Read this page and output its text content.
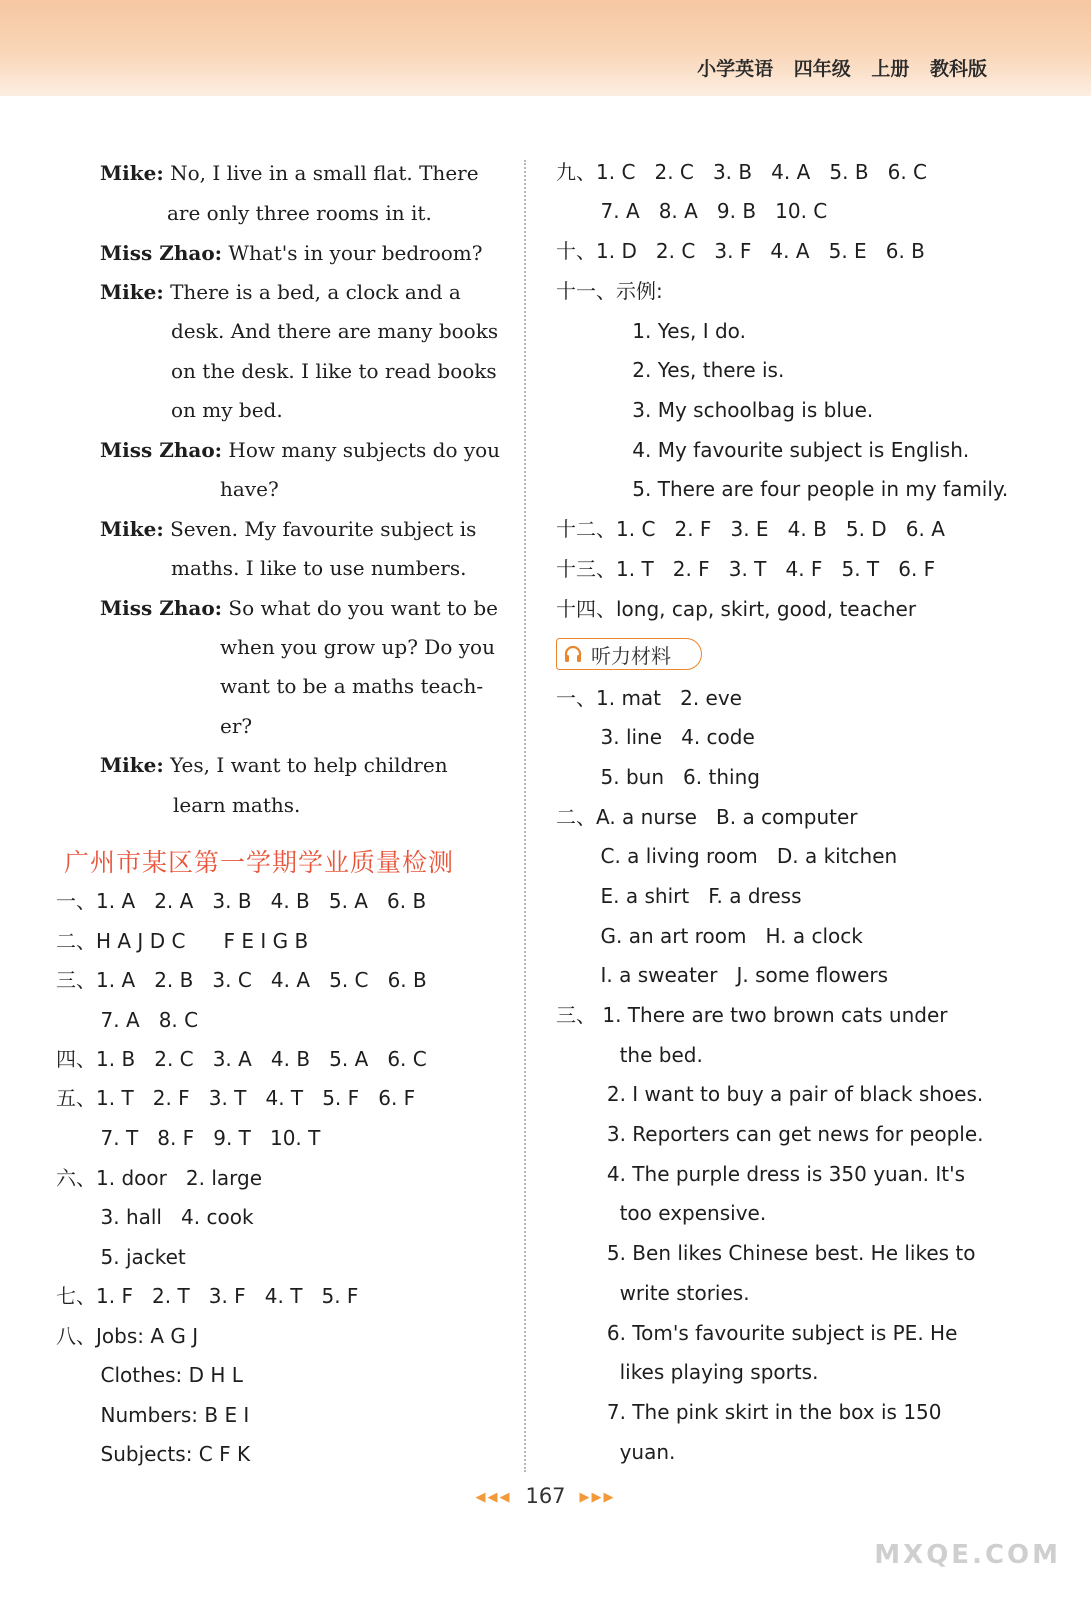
小学英语 四年级 上册 教科版
Mike: No, I live in a small flat. There
are only three rooms in it.
Miss Zhao: What's in your bedroom?
Mike: There is a bed, a clock and a
desk. And there are many books
on the desk. I like to read books
on my bed.
Miss Zhao: How many subjects do you
have?
Mike: Seven. My favourite subject is
maths. I like to use numbers.
Miss Zhao: So what do you want to be
when you grow up? Do you
want to be a maths teach-
er?
Mike: Yes, I want to help children
learn maths.
广州市某区第一学期学业质量检测
一、1. A   2. A   3. B   4. B   5. A   6. B
二、H A J D C      F E I G B
三、1. A   2. B   3. C   4. A   5. C   6. B
7. A   8. C
四、1. B   2. C   3. A   4. B   5. A   6. C
五、1. T   2. F   3. T   4. T   5. F   6. F
7. T   8. F   9. T   10. T
六、1. door   2. large
3. hall   4. cook
5. jacket
七、1. F   2. T   3. F   4. T   5. F
八、Jobs: A G J
Clothes: D H L
Numbers: B E I
Subjects: C F K
九、1. C   2. C   3. B   4. A   5. B   6. C
7. A   8. A   9. B   10. C
十、1. D   2. C   3. F   4. A   5. E   6. B
十一、示例:
1. Yes, I do.
2. Yes, there is.
3. My schoolbag is blue.
4. My favourite subject is English.
5. There are four people in my family.
十二、1. C   2. F   3. E   4. B   5. D   6. A
十三、1. T   2. F   3. T   4. F   5. T   6. F
十四、long, cap, skirt, good, teacher
听力材料
一、1. mat   2. eve
3. line   4. code
5. bun   6. thing
二、A. a nurse   B. a computer
C. a living room   D. a kitchen
E. a shirt   F. a dress
G. an art room   H. a clock
I. a sweater   J. some flowers
三、 1. There are two brown cats under
the bed.
2. I want to buy a pair of black shoes.
3. Reporters can get news for people.
4. The purple dress is 350 yuan. It's
too expensive.
5. Ben likes Chinese best. He likes to
write stories.
6. Tom's favourite subject is PE. He
likes playing sports.
7. The pink skirt in the box is 150
yuan.
◀◀◀ 167 ▶▶▶
MXQE.COM
